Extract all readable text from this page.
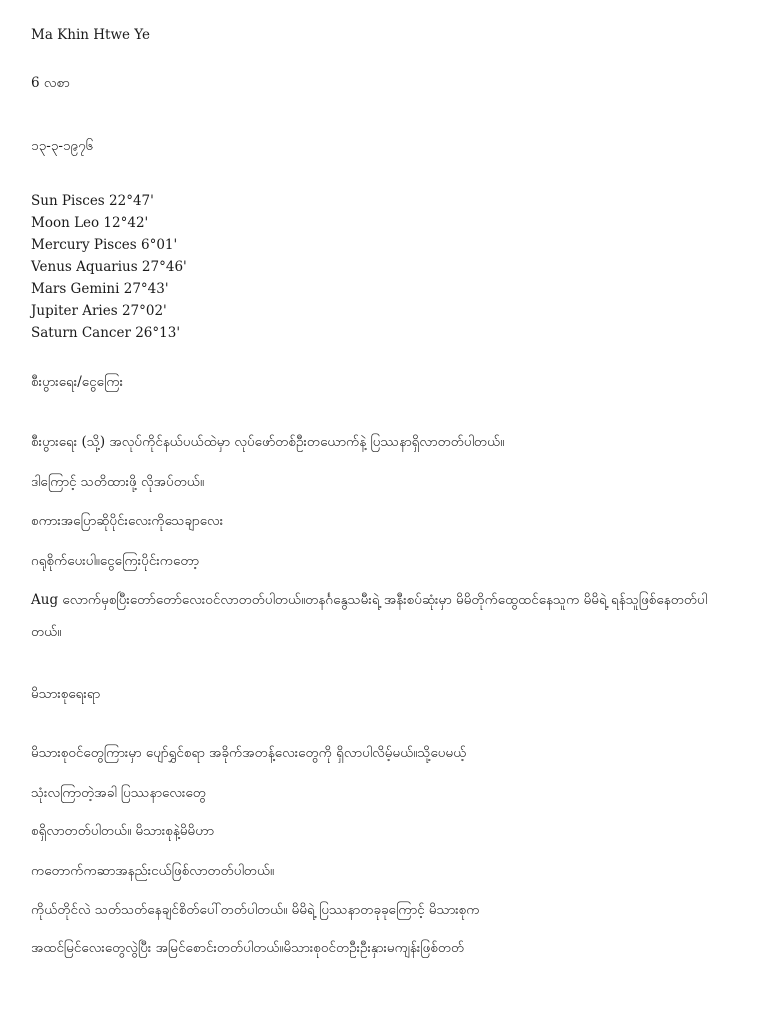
Ma Khin Htwe Ye
6 လစာ
၁၃-၃-၁၉၇၆
Sun Pisces 22°47'
Moon Leo 12°42'
Mercury Pisces 6°01'
Venus Aquarius 27°46'
Mars Gemini 27°43'
Jupiter Aries 27°02'
Saturn Cancer 26°13'
စီးပွားရေး/ငွေကြေး
စီးပွားရေး (သို့) အလုပ်ကိုင်နယ်ပယ်ထဲမှာ လုပ်ဖော်တစ်ဦးတယောက်နဲ့ ပြဿနာရှိလာတတ်ပါတယ်။
ဒါကြောင့် သတိထားဖို့ လိုအပ်တယ်။
စကားအပြောဆိုပိုင်းလေးကိုသေချာလေး
ဂရုစိုက်ပေးပါ။ငွေကြေးပိုင်းကတော့
Aug လောက်မှစပြီးတော်တော်လေးဝင်လာတတ်ပါတယ်။တနင်္ဂနွေသမီးရဲ့ အနီးစပ်ဆုံးမှာ မိမိတိုက်ထွေထင်နေသူက မိမိရဲ့ ရန်သူဖြစ်နေတတ်ပါတယ်။
မိသားစုရေးရာ
မိသားစုဝင်တွေကြားမှာ ပျော်ရွှင်စရာ အခိုက်အတန့်လေးတွေကို ရှိလာပါလိမ့်မယ်။သို့ပေမယ့်
သုံးလကြာတဲ့အခါ ပြဿနာလေးတွေ
စရှိလာတတ်ပါတယ်။ မိသားစုနဲ့မိမိဟာ
ကတောက်ကဆာအနည်းငယ်ဖြစ်လာတတ်ပါတယ်။
ကိုယ်တိုင်လဲ သတ်သတ်နေချင်စိတ်ပေါ်တတ်ပါတယ်။ မိမိရဲ့ ပြဿနာတခုခုကြောင့် မိသားစုက
အထင်မြင်လေးတွေလွဲပြီး အမြင်စောင်းတတ်ပါတယ်။မိသားစုဝင်တဦးဦးနှားမကျန်းဖြစ်တတ်
